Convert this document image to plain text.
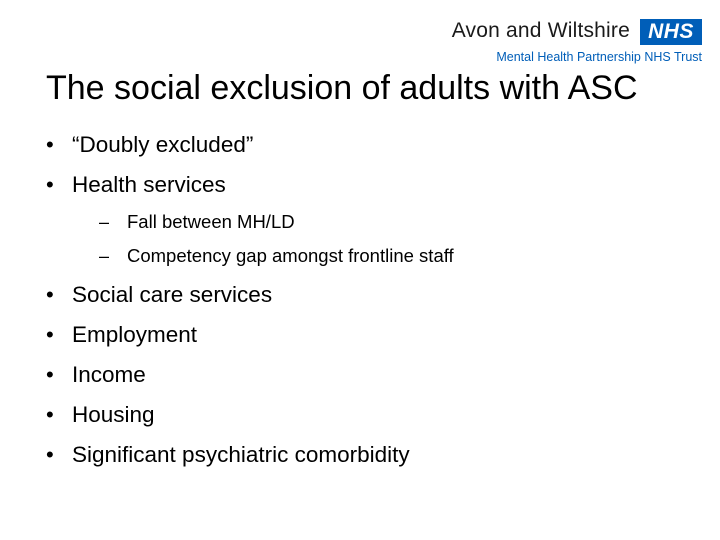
Avon and Wiltshire NHS
Mental Health Partnership NHS Trust
The social exclusion of adults with ASC
• “Doubly excluded”
• Health services
– Fall between MH/LD
– Competency gap amongst frontline staff
• Social care services
• Employment
• Income
• Housing
• Significant psychiatric comorbidity
